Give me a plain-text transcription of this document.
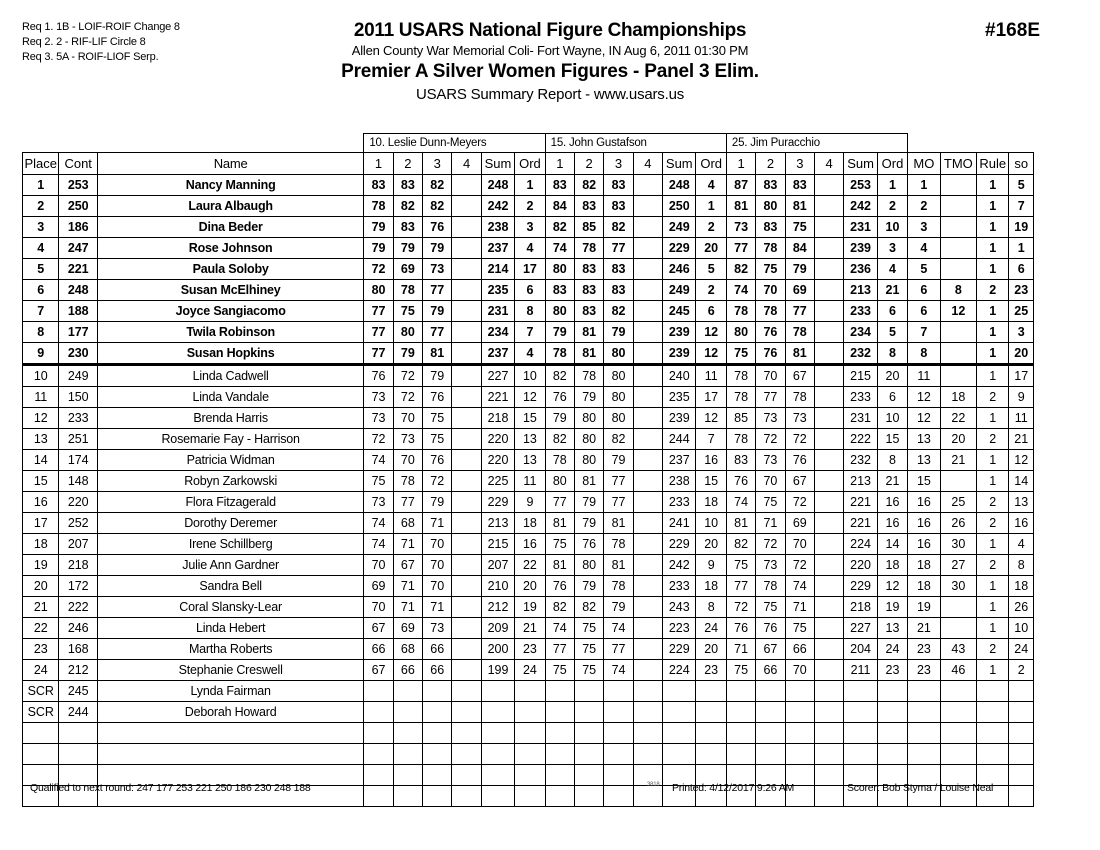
Req 1. 1B - LOIF-ROIF Change 8
Req 2. 2 - RIF-LIF Circle 8
Req 3. 5A - ROIF-LIOF Serp.
2011 USARS National Figure Championships
Allen County War Memorial Coli- Fort Wayne, IN Aug 6, 2011 01:30 PM
Premier A Silver Women Figures - Panel 3 Elim.
USARS Summary Report - www.usars.us
#168E
			10. Leslie Dunn-Meyers						15. John Gustafson						25. Jim Puracchio									
Place	Cont	Name	1	2	3	4	Sum	Ord	1	2	3	4	Sum	Ord	1	2	3	4	Sum	Ord	MO	TMO	Rule	so
1	253	Nancy Manning	83	83	82		248	1	83	82	83		248	4	87	83	83		253	1	1		1	5
2	250	Laura Albaugh	78	82	82		242	2	84	83	83		250	1	81	80	81		242	2	2		1	7
3	186	Dina Beder	79	83	76		238	3	82	85	82		249	2	73	83	75		231	10	3		1	19
4	247	Rose Johnson	79	79	79		237	4	74	78	77		229	20	77	78	84		239	3	4		1	1
5	221	Paula Soloby	72	69	73		214	17	80	83	83		246	5	82	75	79		236	4	5		1	6
6	248	Susan McElhiney	80	78	77		235	6	83	83	83		249	2	74	70	69		213	21	6	8	2	23
7	188	Joyce Sangiacomo	77	75	79		231	8	80	83	82		245	6	78	78	77		233	6	6	12	1	25
8	177	Twila Robinson	77	80	77		234	7	79	81	79		239	12	80	76	78		234	5	7		1	3
9	230	Susan Hopkins	77	79	81		237	4	78	81	80		239	12	75	76	81		232	8	8		1	20
10	249	Linda Cadwell	76	72	79		227	10	82	78	80		240	11	78	70	67		215	20	11		1	17
11	150	Linda Vandale	73	72	76		221	12	76	79	80		235	17	78	77	78		233	6	12	18	2	9
12	233	Brenda Harris	73	70	75		218	15	79	80	80		239	12	85	73	73		231	10	12	22	1	11
13	251	Rosemarie Fay - Harrison	72	73	75		220	13	82	80	82		244	7	78	72	72		222	15	13	20	2	21
14	174	Patricia Widman	74	70	76		220	13	78	80	79		237	16	83	73	76		232	8	13	21	1	12
15	148	Robyn Zarkowski	75	78	72		225	11	80	81	77		238	15	76	70	67		213	21	15		1	14
16	220	Flora Fitzagerald	73	77	79		229	9	77	79	77		233	18	74	75	72		221	16	16	25	2	13
17	252	Dorothy Deremer	74	68	71		213	18	81	79	81		241	10	81	71	69		221	16	16	26	2	16
18	207	Irene Schillberg	74	71	70		215	16	75	76	78		229	20	82	72	70		224	14	16	30	1	4
19	218	Julie Ann Gardner	70	67	70		207	22	81	80	81		242	9	75	73	72		220	18	18	27	2	8
20	172	Sandra Bell	69	71	70		210	20	76	79	78		233	18	77	78	74		229	12	18	30	1	18
21	222	Coral Slansky-Lear	70	71	71		212	19	82	82	79		243	8	72	75	71		218	19	19		1	26
22	246	Linda Hebert	67	69	73		209	21	74	75	74		223	24	76	76	75		227	13	21		1	10
23	168	Martha Roberts	66	68	66		200	23	77	75	77		229	20	71	67	66		204	24	23	43	2	24
24	212	Stephanie Creswell	67	66	66		199	24	75	75	74		224	23	75	66	70		211	23	23	46	1	2
SCR	245	Lynda Fairman																						
SCR	244	Deborah Howard																						

Qualified to next round: 247 177 253 221 250 186 230 248 188	3818 Printed: 4/12/2017 9:26 AM	Scorer: Bob Styma / Louise Neal
